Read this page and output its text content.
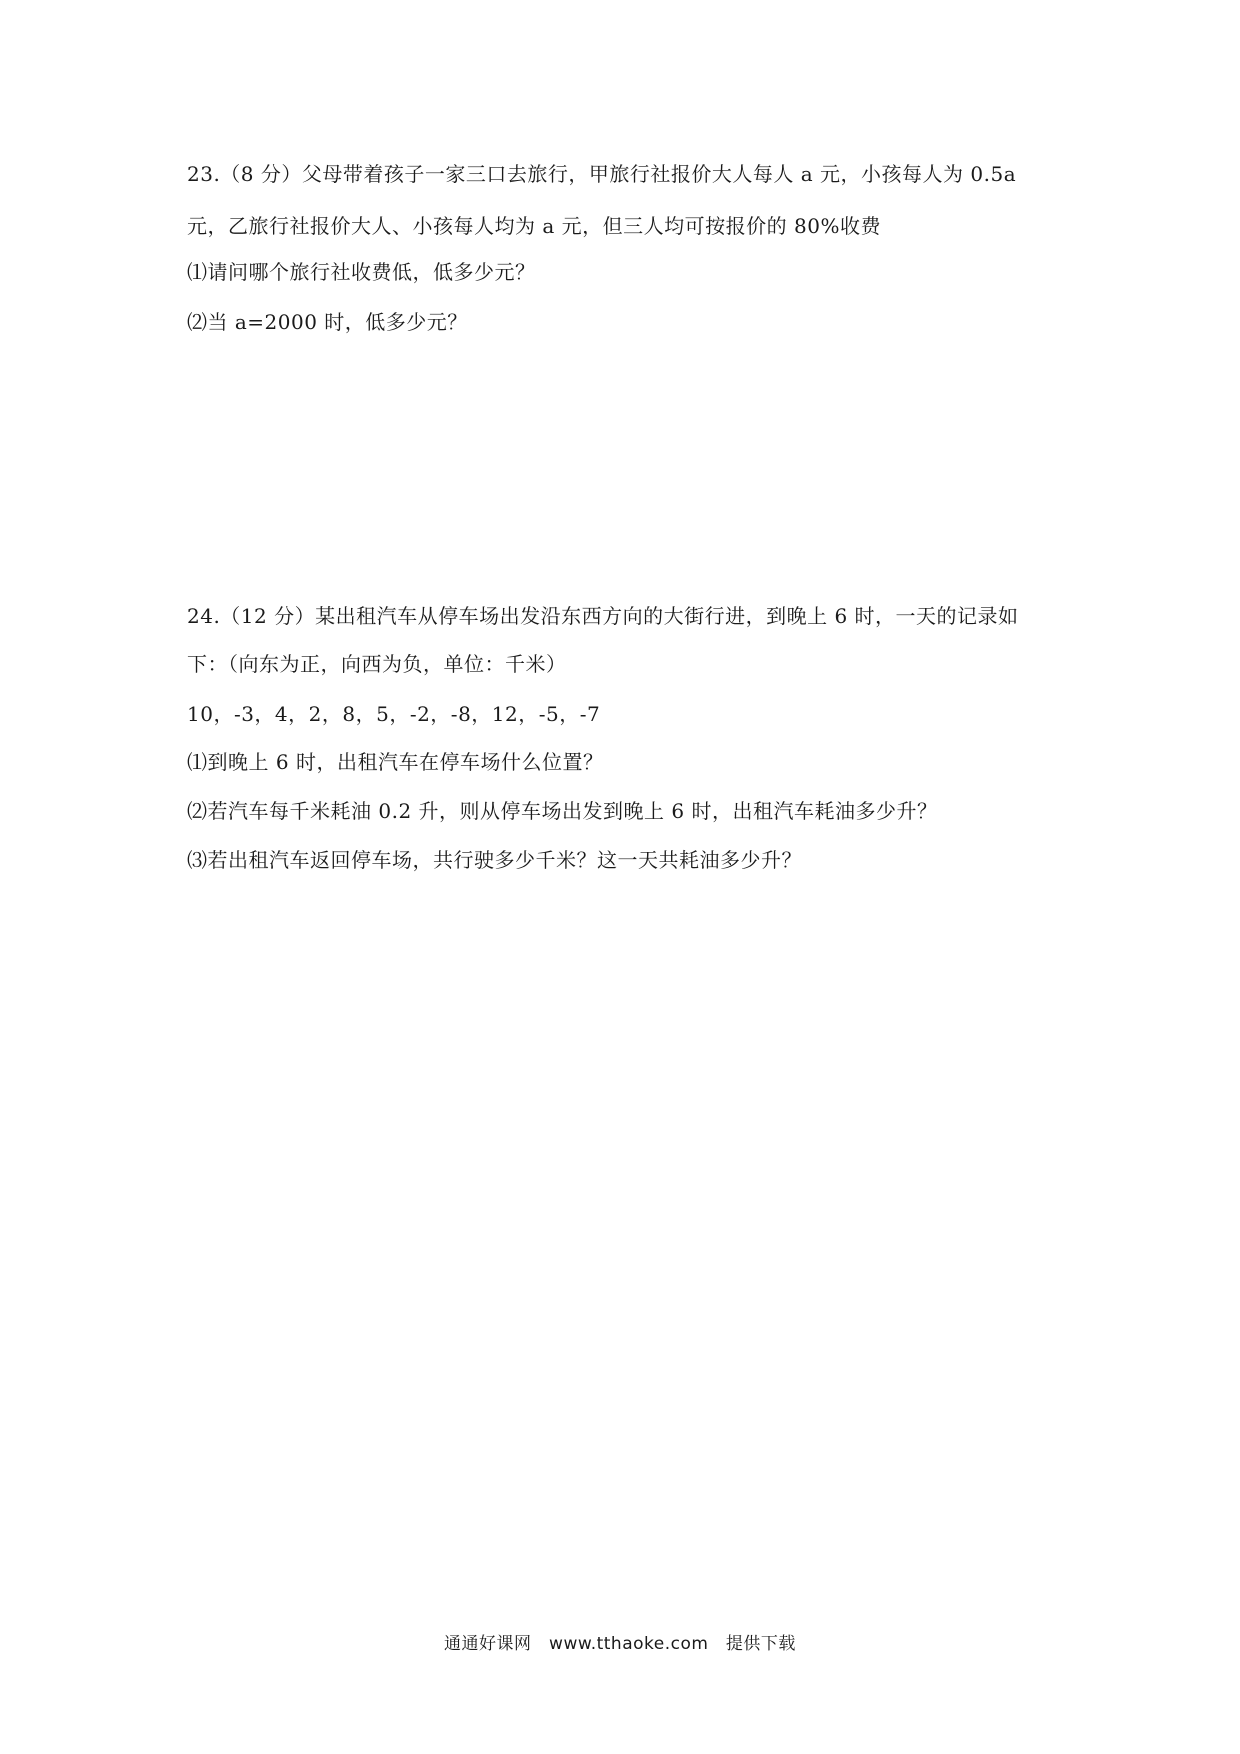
23.（8 分）父母带着孩子一家三口去旅行，甲旅行社报价大人每人 a 元，小孩每人为 0.5a
元，乙旅行社报价大人、小孩每人均为 a 元，但三人均可按报价的 80%收费
⑴请问哪个旅行社收费低，低多少元？
⑵当 a=2000 时，低多少元？
24.（12 分）某出租汽车从停车场出发沿东西方向的大街行进，到晚上 6 时，一天的记录如
下：（向东为正，向西为负，单位：千米）
10，-3，4，2，8，5，-2，-8，12，-5，-7
⑴到晚上 6 时，出租汽车在停车场什么位置？
⑵若汽车每千米耗油 0.2 升，则从停车场出发到晚上 6 时，出租汽车耗油多少升？
⑶若出租汽车返回停车场，共行驶多少千米？这一天共耗油多少升？
通通好课网　www.tthaoke.com　提供下载
